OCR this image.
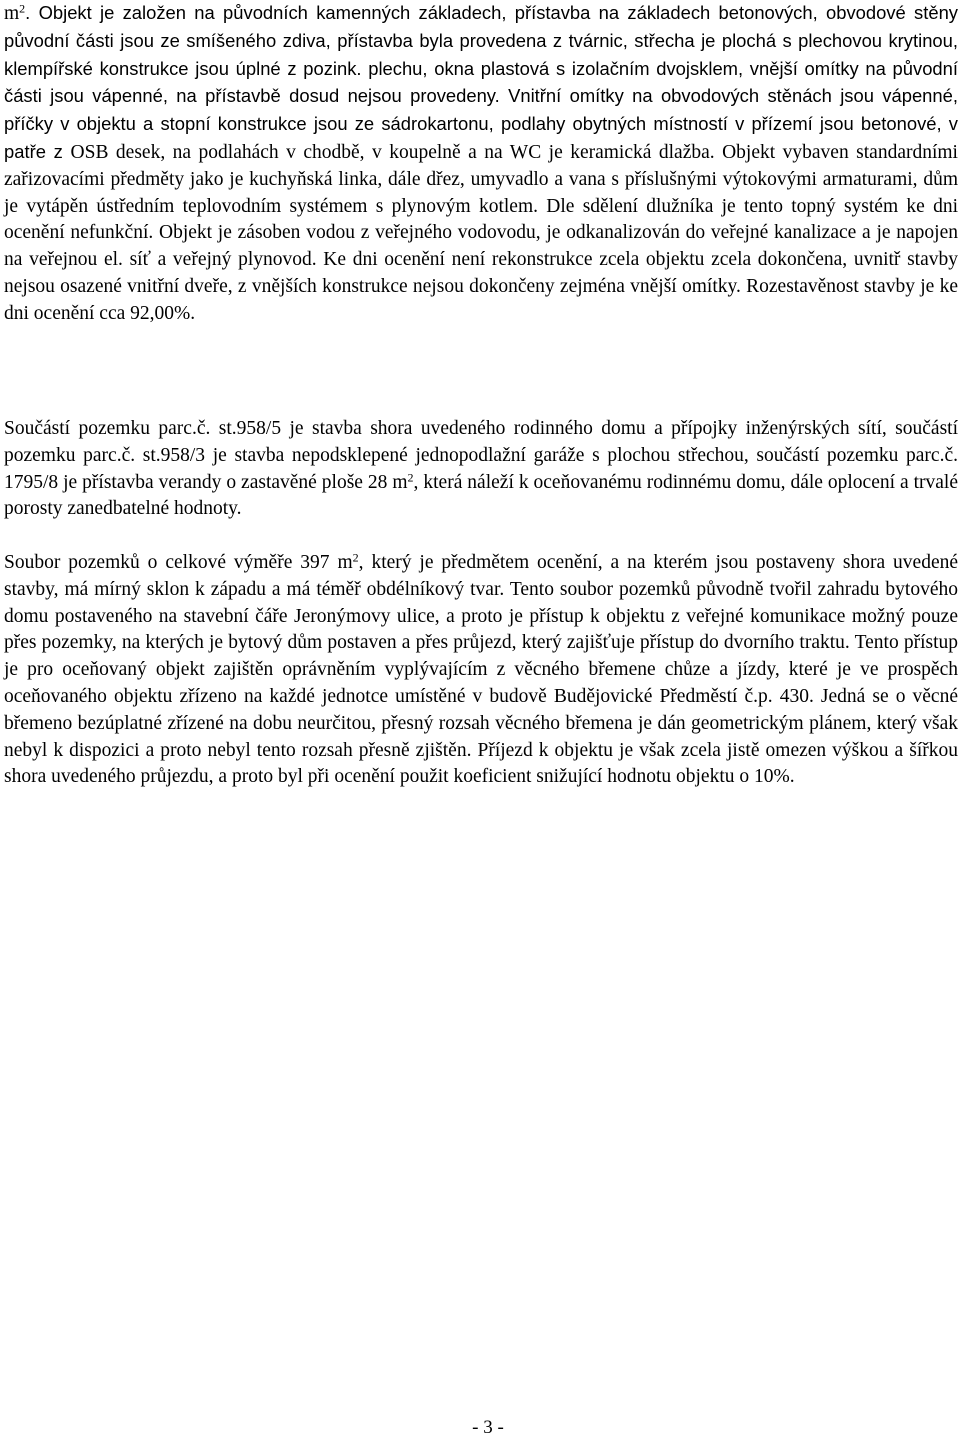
$m^2$. Objekt je založen na původních kamenných základech, přístavba na základech betonových, obvodové stěny původní části jsou ze smíšeného zdiva, přístavba byla provedena z tvárnic, střecha je plochá s plechovou krytinou, klempířské konstrukce jsou úplné z pozink. plechu, okna plastová s izolačním dvojsklem, vnější omítky na původní části jsou vápenné, na přístavbě dosud nejsou provedeny. Vnitřní omítky na obvodových stěnách jsou vápenné, příčky v objektu a stopní konstrukce jsou ze sádrokartonu, podlahy obytných místností v přízemí jsou betonové, v patře z OSB desek, na podlahách v chodbě, v koupelně a na WC je keramická dlažba. Objekt vybaven standardními zařizovacími předměty jako je kuchyňská linka, dále dřez, umyvadlo a vana s příslušnými výtokovými armaturami, dům je vytápěn ústředním teplovodním systémem s plynovým kotlem. Dle sdělení dlužníka je tento topný systém ke dni ocenění nefunkční. Objekt je zásoben vodou z veřejného vodovodu, je odkanalizován do veřejné kanalizace a je napojen na veřejnou el. síť a veřejný plynovod. Ke dni ocenění není rekonstrukce zcela objektu zcela dokončena, uvnitř stavby nejsou osazené vnitřní dveře, z vnějších konstrukce nejsou dokončeny zejména vnější omítky. Rozestavěnost stavby je ke dni ocenění cca 92,00%.

Součástí pozemku parc.č. st.958/5 je stavba shora uvedeného rodinného domu a přípojky inženýrských sítí, součástí pozemku parc.č. st.958/3 je stavba nepodsklepené jednopodlažní garáže s plochou střechou, součástí pozemku parc.č. 1795/8 je přístavba verandy o zastavěné ploše 28 $m^2$, která náleží k oceňovanému rodinnému domu, dále oplocení a trvalé porosty zanedbatelné hodnoty.

Soubor pozemků o celkové výměře 397 $m^2$, který je předmětem ocenění, a na kterém jsou postaveny shora uvedené stavby, má mírný sklon k západu a má téměř obdélníkový tvar. Tento soubor pozemků původně tvořil zahradu bytového domu postaveného na stavební čáře Jeronýmovy ulice, a proto je přístup k objektu z veřejné komunikace možný pouze přes pozemky, na kterých je bytový dům postaven a přes průjezd, který zajišťuje přístup do dvorního traktu. Tento přístup je pro oceňovaný objekt zajištěn oprávněním vyplývajícím z věcného břemene chůze a jízdy, které je ve prospěch oceňovaného objektu zřízeno na každé jednotce umístěné v budově Budějovické Předměstí č.p. 430. Jedná se o věcné břemeno bezúplatné zřízené na dobu neurčitou, přesný rozsah věcného břemena je dán geometrickým plánem, který však nebyl k dispozici a proto nebyl tento rozsah přesně zjištěn. Příjezd k objektu je však zcela jistě omezen výškou a šířkou shora uvedeného průjezdu, a proto byl při ocenění použit koeficient snižující hodnotu objektu o 10%.

- 3 -
